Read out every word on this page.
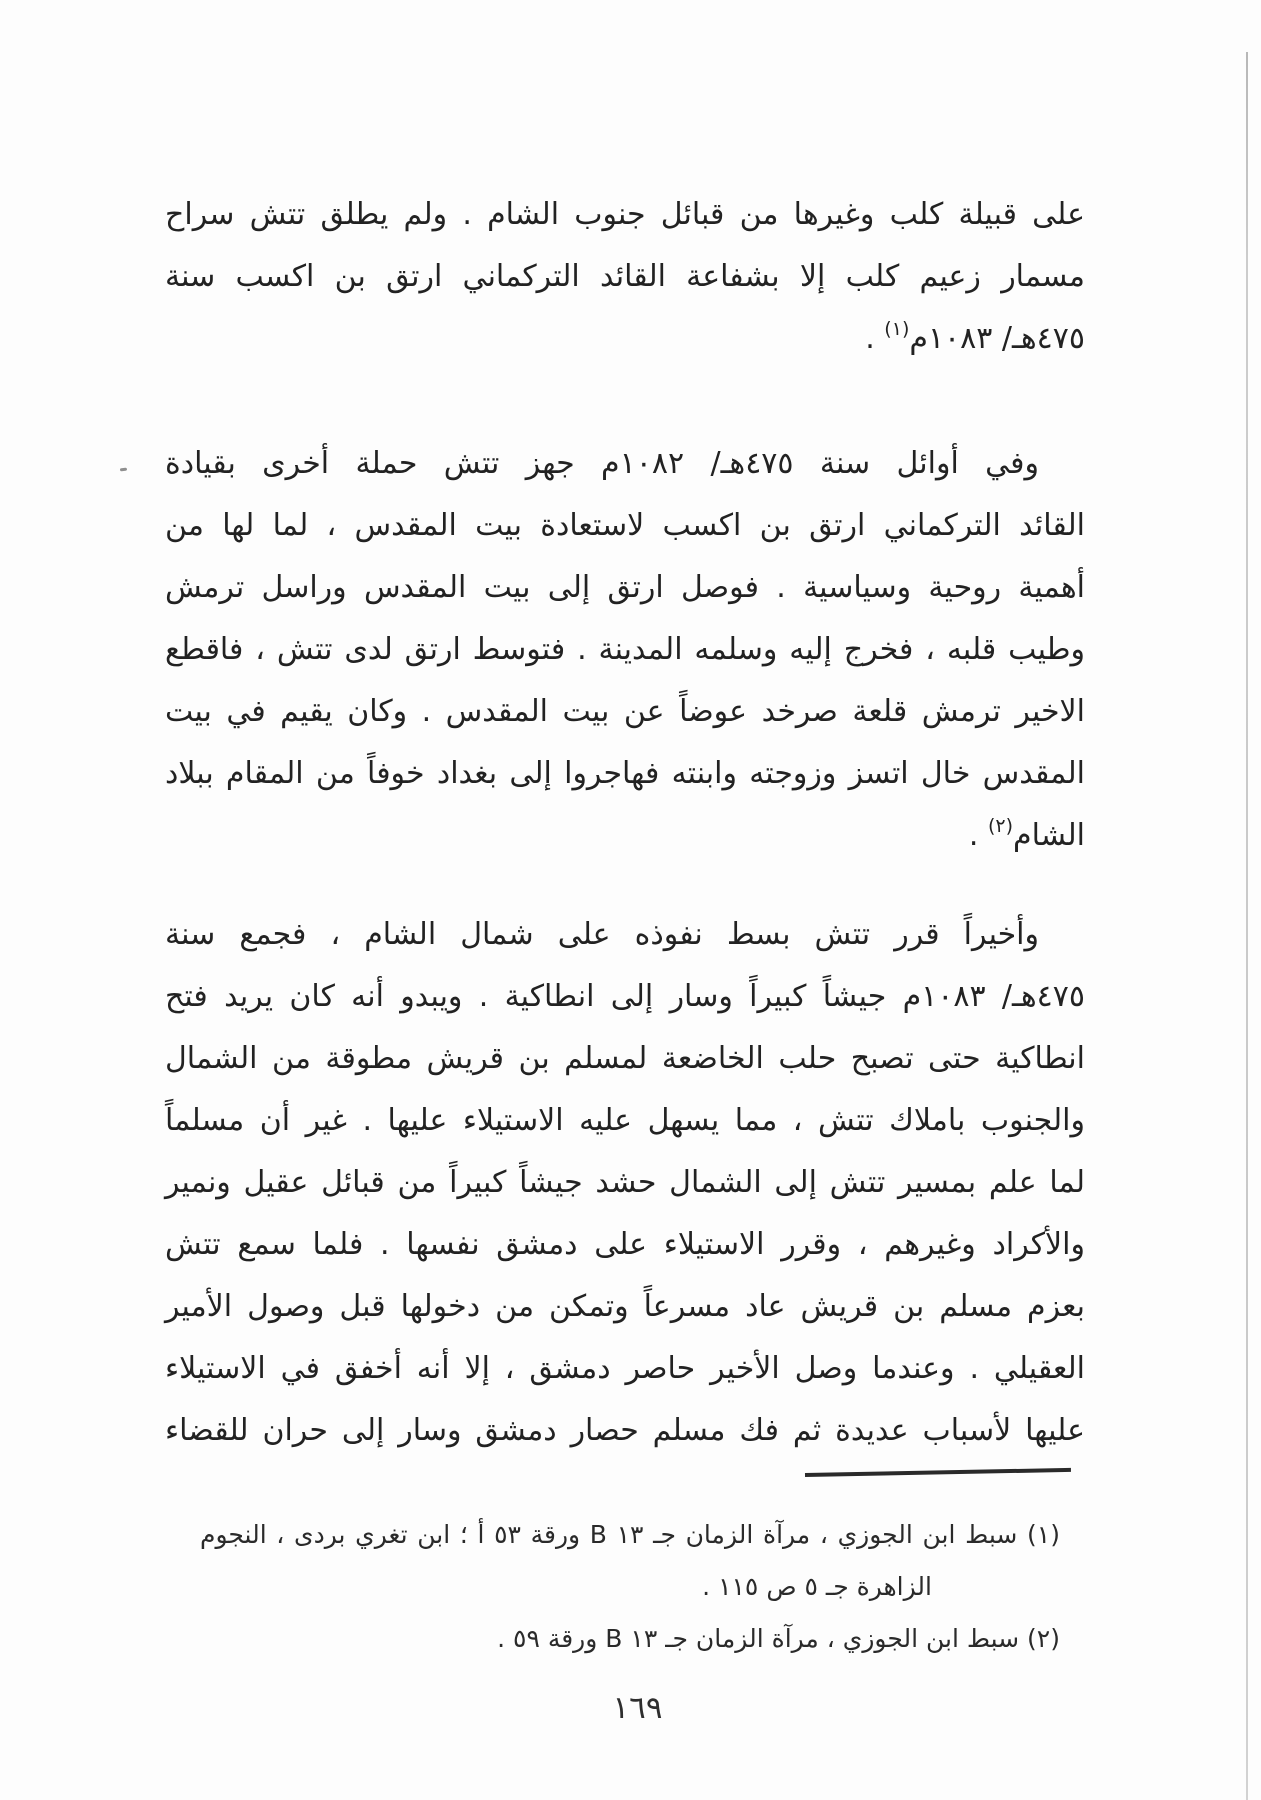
على قبيلة كلب وغيرها من قبائل جنوب الشام . ولم يطلق تتش سراح
مسمار زعيم كلب إلا بشفاعة القائد التركماني ارتق بن اكسب سنة
٤٧٥هـ/ ١٠٨٣م$^{(١)}$ .
وفي أوائل سنة ٤٧٥هـ/ ١٠٨٢م جهز تتش حملة أخرى بقيادة
القائد التركماني ارتق بن اكسب لاستعادة بيت المقدس ، لما لها من
أهمية روحية وسياسية . فوصل ارتق إلى بيت المقدس وراسل ترمش
وطيب قلبه ، فخرج إليه وسلمه المدينة . فتوسط ارتق لدى تتش ، فاقطع
الاخير ترمش قلعة صرخد عوضاً عن بيت المقدس . وكان يقيم في بيت
المقدس خال اتسز وزوجته وابنته فهاجروا إلى بغداد خوفاً من المقام ببلاد
الشام$^{(٢)}$ .
وأخيراً قرر تتش بسط نفوذه على شمال الشام ، فجمع سنة
٤٧٥هـ/ ١٠٨٣م جيشاً كبيراً وسار إلى انطاكية . ويبدو أنه كان يريد فتح
انطاكية حتى تصبح حلب الخاضعة لمسلم بن قريش مطوقة من الشمال
والجنوب باملاك تتش ، مما يسهل عليه الاستيلاء عليها . غير أن مسلماً
لما علم بمسير تتش إلى الشمال حشد جيشاً كبيراً من قبائل عقيل ونمير
والأكراد وغيرهم ، وقرر الاستيلاء على دمشق نفسها . فلما سمع تتش
بعزم مسلم بن قريش عاد مسرعاً وتمكن من دخولها قبل وصول الأمير
العقيلي . وعندما وصل الأخير حاصر دمشق ، إلا أنه أخفق في الاستيلاء
عليها لأسباب عديدة ثم فك مسلم حصار دمشق وسار إلى حران للقضاء
(١) سبط ابن الجوزي ، مرآة الزمان جـ ١٣ B ورقة ٥٣ أ ؛ ابن تغري بردى ، النجوم
الزاهرة جـ ٥ ص ١١٥ .
(٢) سبط ابن الجوزي ، مرآة الزمان جـ ١٣ B ورقة ٥٩ .
١٦٩
